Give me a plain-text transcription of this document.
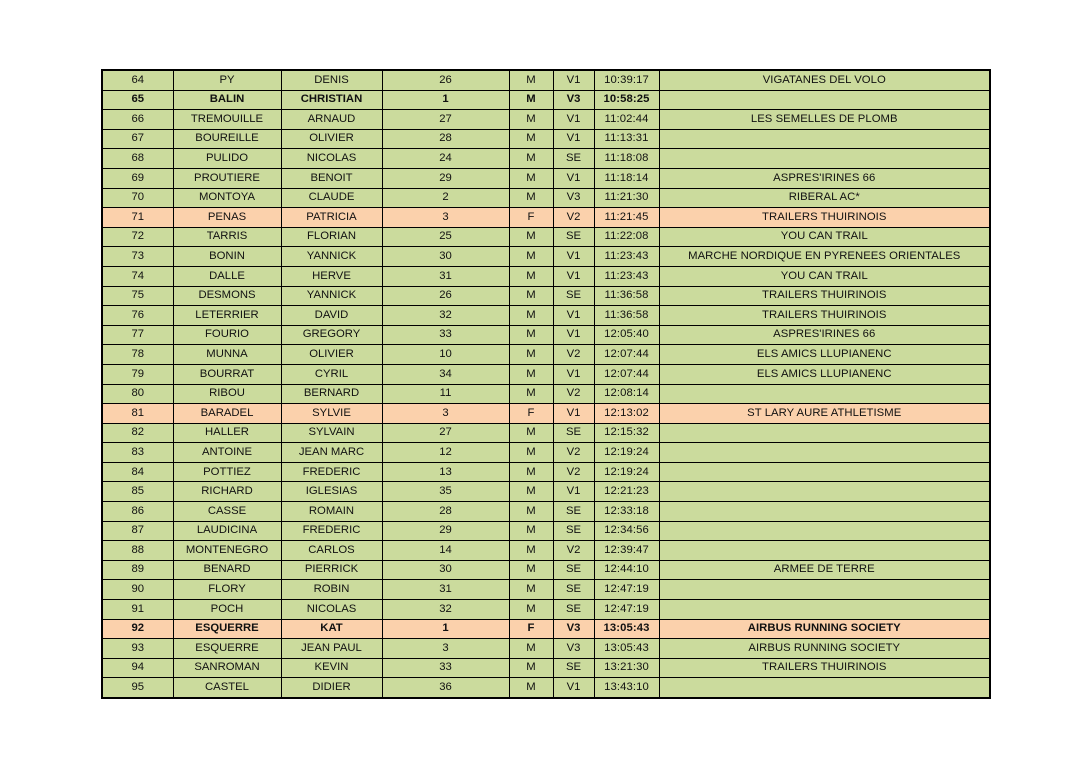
64	PY	DENIS	26	M	V1	10:39:17	VIGATANES DEL VOLO
65	BALIN	CHRISTIAN	1	M	V3	10:58:25	
66	TREMOUILLE	ARNAUD	27	M	V1	11:02:44	LES SEMELLES DE PLOMB
67	BOUREILLE	OLIVIER	28	M	V1	11:13:31	
68	PULIDO	NICOLAS	24	M	SE	11:18:08	
69	PROUTIERE	BENOIT	29	M	V1	11:18:14	ASPRES'IRINES 66
70	MONTOYA	CLAUDE	2	M	V3	11:21:30	RIBERAL AC*
71	PENAS	PATRICIA	3	F	V2	11:21:45	TRAILERS THUIRINOIS
72	TARRIS	FLORIAN	25	M	SE	11:22:08	YOU CAN TRAIL
73	BONIN	YANNICK	30	M	V1	11:23:43	MARCHE NORDIQUE EN PYRENEES ORIENTALES
74	DALLE	HERVE	31	M	V1	11:23:43	YOU CAN TRAIL
75	DESMONS	YANNICK	26	M	SE	11:36:58	TRAILERS THUIRINOIS
76	LETERRIER	DAVID	32	M	V1	11:36:58	TRAILERS THUIRINOIS
77	FOURIO	GREGORY	33	M	V1	12:05:40	ASPRES'IRINES 66
78	MUNNA	OLIVIER	10	M	V2	12:07:44	ELS AMICS LLUPIANENC
79	BOURRAT	CYRIL	34	M	V1	12:07:44	ELS AMICS LLUPIANENC
80	RIBOU	BERNARD	11	M	V2	12:08:14	
81	BARADEL	SYLVIE	3	F	V1	12:13:02	ST LARY AURE ATHLETISME
82	HALLER	SYLVAIN	27	M	SE	12:15:32	
83	ANTOINE	JEAN MARC	12	M	V2	12:19:24	
84	POTTIEZ	FREDERIC	13	M	V2	12:19:24	
85	RICHARD	IGLESIAS	35	M	V1	12:21:23	
86	CASSE	ROMAIN	28	M	SE	12:33:18	
87	LAUDICINA	FREDERIC	29	M	SE	12:34:56	
88	MONTENEGRO	CARLOS	14	M	V2	12:39:47	
89	BENARD	PIERRICK	30	M	SE	12:44:10	ARMEE DE TERRE
90	FLORY	ROBIN	31	M	SE	12:47:19	
91	POCH	NICOLAS	32	M	SE	12:47:19	
92	ESQUERRE	KAT	1	F	V3	13:05:43	AIRBUS RUNNING SOCIETY
93	ESQUERRE	JEAN PAUL	3	M	V3	13:05:43	AIRBUS RUNNING SOCIETY
94	SANROMAN	KEVIN	33	M	SE	13:21:30	TRAILERS THUIRINOIS
95	CASTEL	DIDIER	36	M	V1	13:43:10	
